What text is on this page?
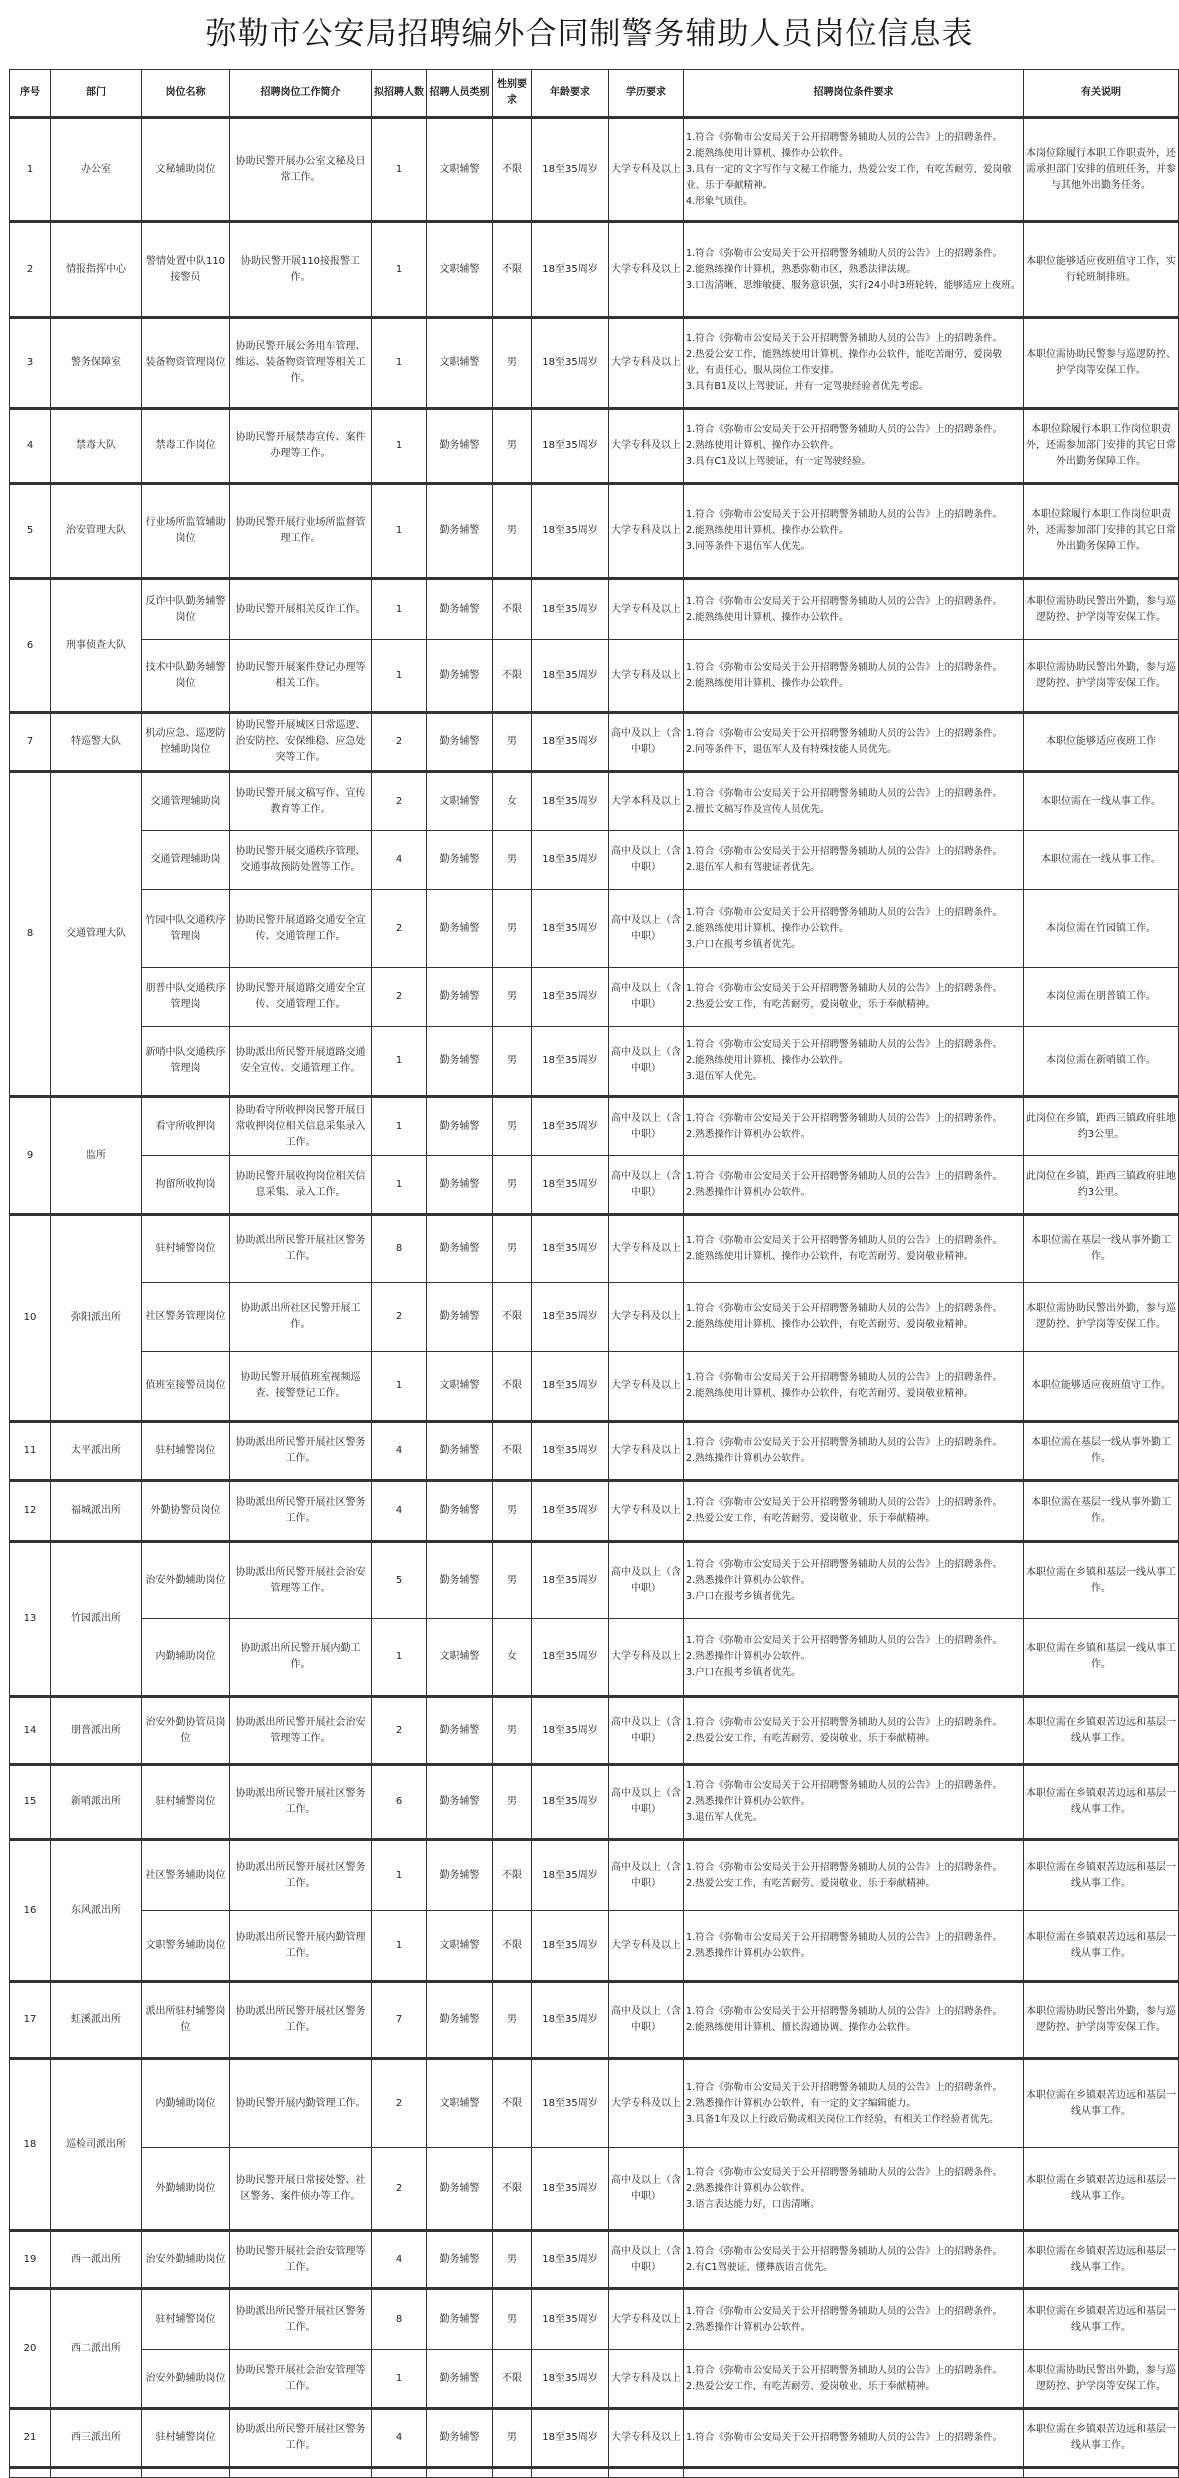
弥勒市公安局招聘编外合同制警务辅助人员岗位信息表
序号	部门	岗位名称	招聘岗位工作简介	拟招聘人数	招聘人员类别	性别要求	年龄要求	学历要求	招聘岗位条件要求	有关说明
1	办公室	文秘辅助岗位	协助民警开展办公室文秘及日常工作。	1	文职辅警	不限	18至35周岁	大学专科及以上	1.符合《弥勒市公安局关于公开招聘警务辅助人员的公告》上的招聘条件。
2.能熟练使用计算机、操作办公软件。
3.具有一定的文字写作与文秘工作能力，热爱公安工作，有吃苦耐劳、爱岗敬业、乐于奉献精神。
4.形象气质佳。	本岗位除履行本职工作职责外，还需承担部门安排的值班任务，并参与其他外出勤务任务。
2	情报指挥中心	警情处置中队110接警员	协助民警开展110接报警工作。	1	文职辅警	不限	18至35周岁	大学专科及以上	1.符合《弥勒市公安局关于公开招聘警务辅助人员的公告》上的招聘条件。
2.能熟练操作计算机，熟悉弥勒市区，熟悉法律法规。
3.口齿清晰、思维敏捷、服务意识强，实行24小时3班轮转，能够适应上夜班。	本职位能够适应夜班值守工作，实行轮班制排班。
3	警务保障室	装备物资管理岗位	协助民警开展公务用车管理、维运、装备物资管理等相关工作。	1	文职辅警	男	18至35周岁	大学专科及以上	1.符合《弥勒市公安局关于公开招聘警务辅助人员的公告》上的招聘条件。
2.热爱公安工作，能熟练使用计算机、操作办公软件，能吃苦耐劳，爱岗敬业，有责任心，服从岗位工作安排。
3.具有B1及以上驾驶证，并有一定驾驶经验者优先考虑。	本职位需协助民警参与巡逻防控、护学岗等安保工作。
4	禁毒大队	禁毒工作岗位	协助民警开展禁毒宣传、案件办理等工作。	1	勤务辅警	男	18至35周岁	大学专科及以上	1.符合《弥勒市公安局关于公开招聘警务辅助人员的公告》上的招聘条件。
2.熟练使用计算机、操作办公软件。
3.具有C1及以上驾驶证，有一定驾驶经验。	本职位除履行本职工作岗位职责外，还需参加部门安排的其它日常外出勤务保障工作。
5	治安管理大队	行业场所监管辅助岗位	协助民警开展行业场所监督管理工作。	1	勤务辅警	男	18至35周岁	大学专科及以上	1.符合《弥勒市公安局关于公开招聘警务辅助人员的公告》上的招聘条件。
2.能熟练使用计算机、操作办公软件。
3.同等条件下退伍军人优先。	本职位除履行本职工作岗位职责外，还需参加部门安排的其它日常外出勤务保障工作。
6	刑事侦查大队	反诈中队勤务辅警岗位	协助民警开展相关反诈工作。	1	勤务辅警	不限	18至35周岁	大学专科及以上	1.符合《弥勒市公安局关于公开招聘警务辅助人员的公告》上的招聘条件。
2.能熟练使用计算机、操作办公软件。	本职位需协助民警出外勤，参与巡逻防控、护学岗等安保工作。
		技术中队勤务辅警岗位	协助民警开展案件登记办理等相关工作。	1	勤务辅警	不限	18至35周岁	大学专科及以上	1.符合《弥勒市公安局关于公开招聘警务辅助人员的公告》上的招聘条件。
2.能熟练使用计算机、操作办公软件。	本职位需协助民警出外勤，参与巡逻防控、护学岗等安保工作。
7	特巡警大队	机动应急、巡逻防控辅助岗位	协助民警开展城区日常巡逻、治安防控、安保维稳、应急处突等工作。	2	勤务辅警	男	18至35周岁	高中及以上（含中职）	1.符合《弥勒市公安局关于公开招聘警务辅助人员的公告》上的招聘条件。
2.同等条件下，退伍军人及有特殊技能人员优先。	本职位能够适应夜班工作
8	交通管理大队	交通管理辅助岗	协助民警开展文稿写作、宣传教育等工作。	2	文职辅警	女	18至35周岁	大学本科及以上	1.符合《弥勒市公安局关于公开招聘警务辅助人员的公告》上的招聘条件。
2.擅长文稿写作及宣传人员优先。	本职位需在一线从事工作。
		交通管理辅助岗	协助民警开展交通秩序管理、交通事故预防处置等工作。	4	勤务辅警	男	18至35周岁	高中及以上（含中职）	1.符合《弥勒市公安局关于公开招聘警务辅助人员的公告》上的招聘条件。
2.退伍军人和有驾驶证者优先。	本职位需在一线从事工作。
		竹园中队交通秩序管理岗	协助民警开展道路交通安全宣传、交通管理工作。	2	勤务辅警	男	18至35周岁	高中及以上（含中职）	1.符合《弥勒市公安局关于公开招聘警务辅助人员的公告》上的招聘条件。
2.能熟练使用计算机、操作办公软件。
3.户口在报考乡镇者优先。	本岗位需在竹园镇工作。
		朋普中队交通秩序管理岗	协助民警开展道路交通安全宣传、交通管理工作。	2	勤务辅警	男	18至35周岁	高中及以上（含中职）	1.符合《弥勒市公安局关于公开招聘警务辅助人员的公告》上的招聘条件。
2.热爱公安工作，有吃苦耐劳，爱岗敬业，乐于奉献精神。	本岗位需在朋普镇工作。
		新哨中队交通秩序管理岗	协助派出所民警开展道路交通安全宣传、交通管理工作。	1	勤务辅警	男	18至35周岁	高中及以上（含中职）	1.符合《弥勒市公安局关于公开招聘警务辅助人员的公告》上的招聘条件。
2.能熟练使用计算机、操作办公软件。
3.退伍军人优先。	本岗位需在新哨镇工作。
9	监所	看守所收押岗	协助看守所收押岗民警开展日常收押岗位相关信息采集录入工作。	1	勤务辅警	男	18至35周岁	高中及以上（含中职）	1.符合《弥勒市公安局关于公开招聘警务辅助人员的公告》上的招聘条件。
2.熟悉操作计算机办公软件。	此岗位在乡镇，距西三镇政府驻地约3公里。
		拘留所收拘岗	协助民警开展收拘岗位相关信息采集、录入工作。	1	勤务辅警	男	18至35周岁	高中及以上（含中职）	1.符合《弥勒市公安局关于公开招聘警务辅助人员的公告》上的招聘条件。
2.熟悉操作计算机办公软件。	此岗位在乡镇，距西三镇政府驻地约3公里。
10	弥阳派出所	驻村辅警岗位	协助派出所民警开展社区警务工作。	8	勤务辅警	男	18至35周岁	大学专科及以上	1.符合《弥勒市公安局关于公开招聘警务辅助人员的公告》上的招聘条件。
2.能熟练使用计算机、操作办公软件，有吃苦耐劳、爱岗敬业精神。	本职位需在基层一线从事外勤工作。
		社区警务管理岗位	协助派出所社区民警开展工作。	2	勤务辅警	不限	18至35周岁	大学专科及以上	1.符合《弥勒市公安局关于公开招聘警务辅助人员的公告》上的招聘条件。
2.能熟练使用计算机、操作办公软件，有吃苦耐劳、爱岗敬业精神。	本职位需协助民警出外勤，参与巡逻防控、护学岗等安保工作。
		值班室接警员岗位	协助民警开展值班室视频巡查、接警登记工作。	1	文职辅警	不限	18至35周岁	大学专科及以上	1.符合《弥勒市公安局关于公开招聘警务辅助人员的公告》上的招聘条件。
2.能熟练使用计算机、操作办公软件，有吃苦耐劳、爱岗敬业精神。	本职位能够适应夜班值守工作。
11	太平派出所	驻村辅警岗位	协助派出所民警开展社区警务工作。	4	勤务辅警	不限	18至35周岁	大学专科及以上	1.符合《弥勒市公安局关于公开招聘警务辅助人员的公告》上的招聘条件。
2.熟练操作计算机办公软件。	本职位需在基层一线从事外勤工作。
12	福城派出所	外勤协警员岗位	协助派出所民警开展社区警务工作。	4	勤务辅警	男	18至35周岁	大学专科及以上	1.符合《弥勒市公安局关于公开招聘警务辅助人员的公告》上的招聘条件。
2.热爱公安工作，有吃苦耐劳、爱岗敬业、乐于奉献精神。	本职位需在基层一线从事外勤工作。
13	竹园派出所	治安外勤辅助岗位	协助派出所民警开展社会治安管理等工作。	5	勤务辅警	男	18至35周岁	高中及以上（含中职）	1.符合《弥勒市公安局关于公开招聘警务辅助人员的公告》上的招聘条件。
2.熟悉操作计算机办公软件。
3.户口在报考乡镇者优先。	本职位需在乡镇和基层一线从事工作。
		内勤辅助岗位	协助派出所民警开展内勤工作。	1	文职辅警	女	18至35周岁	大学专科及以上	1.符合《弥勒市公安局关于公开招聘警务辅助人员的公告》上的招聘条件。
2.熟悉操作计算机办公软件。
3.户口在报考乡镇者优先。	本职位需在乡镇和基层一线从事工作。
14	朋普派出所	治安外勤协管员岗位	协助派出所民警开展社会治安管理等工作。	2	勤务辅警	男	18至35周岁	高中及以上（含中职）	1.符合《弥勒市公安局关于公开招聘警务辅助人员的公告》上的招聘条件。
2.热爱公安工作，有吃苦耐劳、爱岗敬业、乐于奉献精神。	本职位需在乡镇艰苦边远和基层一线从事工作。
15	新哨派出所	驻村辅警岗位	协助派出所民警开展社区警务工作。	6	勤务辅警	男	18至35周岁	高中及以上（含中职）	1.符合《弥勒市公安局关于公开招聘警务辅助人员的公告》上的招聘条件。
2.熟悉操作计算机办公软件。
3.退伍军人优先。	本职位需在乡镇艰苦边远和基层一线从事工作。
16	东风派出所	社区警务辅助岗位	协助派出所民警开展社区警务工作。	1	勤务辅警	不限	18至35周岁	高中及以上（含中职）	1.符合《弥勒市公安局关于公开招聘警务辅助人员的公告》上的招聘条件。
2.热爱公安工作，有吃苦耐劳、爱岗敬业、乐于奉献精神。	本职位需在乡镇艰苦边远和基层一线从事工作。
		文职警务辅助岗位	协助派出所民警开展内勤管理工作。	1	文职辅警	不限	18至35周岁	大学专科及以上	1.符合《弥勒市公安局关于公开招聘警务辅助人员的公告》上的招聘条件。
2.熟悉操作计算机办公软件。	本职位需在乡镇艰苦边远和基层一线从事工作。
17	虹溪派出所	派出所驻村辅警岗位	协助派出所民警开展社区警务工作。	7	勤务辅警	男	18至35周岁	高中及以上（含中职）	1.符合《弥勒市公安局关于公开招聘警务辅助人员的公告》上的招聘条件。
2.能熟练使用计算机、擅长沟通协调、操作办公软件。	本职位需协助民警出外勤，参与巡逻防控、护学岗等安保工作。
18	巡检司派出所	内勤辅助岗位	协助民警开展内勤管理工作。	2	文职辅警	不限	18至35周岁	大学专科及以上	1.符合《弥勒市公安局关于公开招聘警务辅助人员的公告》上的招聘条件。
2.熟悉操作计算机办公软件，有一定的文字编辑能力。
3.具备1年及以上行政后勤或相关岗位工作经验，有相关工作经验者优先。	本职位需在乡镇艰苦边远和基层一线从事工作。
		外勤辅助岗位	协助民警开展日常接处警、社区警务、案件侦办等工作。	2	勤务辅警	不限	18至35周岁	高中及以上（含中职）	1.符合《弥勒市公安局关于公开招聘警务辅助人员的公告》上的招聘条件。
2.熟悉操作计算机办公软件。
3.语言表达能力好，口齿清晰。	本职位需在乡镇艰苦边远和基层一线从事工作。
19	西一派出所	治安外勤辅助岗位	协助民警开展社会治安管理等工作。	4	勤务辅警	男	18至35周岁	高中及以上（含中职）	1.符合《弥勒市公安局关于公开招聘警务辅助人员的公告》上的招聘条件。
2.有C1驾驶证、懂彝族语言优先。	本职位需在乡镇艰苦边远和基层一线从事工作。
20	西二派出所	驻村辅警岗位	协助派出所民警开展社区警务工作。	8	勤务辅警	男	18至35周岁	大学专科及以上	1.符合《弥勒市公安局关于公开招聘警务辅助人员的公告》上的招聘条件。
2.熟悉操作计算机办公软件。	本职位需在乡镇艰苦边远和基层一线从事工作。
		治安外勤辅助岗位	协助民警开展社会治安管理等工作。	1	勤务辅警	不限	18至35周岁	大学专科及以上	1.符合《弥勒市公安局关于公开招聘警务辅助人员的公告》上的招聘条件。
2.热爱公安工作，有吃苦耐劳、爱岗敬业、乐于奉献精神。	本职位需协助民警出外勤，参与巡逻防控、护学岗等安保工作。
21	西三派出所	驻村辅警岗位	协助派出所民警开展社区警务工作。	4	勤务辅警	男	18至35周岁	大学专科及以上	1.符合《弥勒市公安局关于公开招聘警务辅助人员的公告》上的招聘条件。	本职位需在乡镇艰苦边远和基层一线从事工作。
